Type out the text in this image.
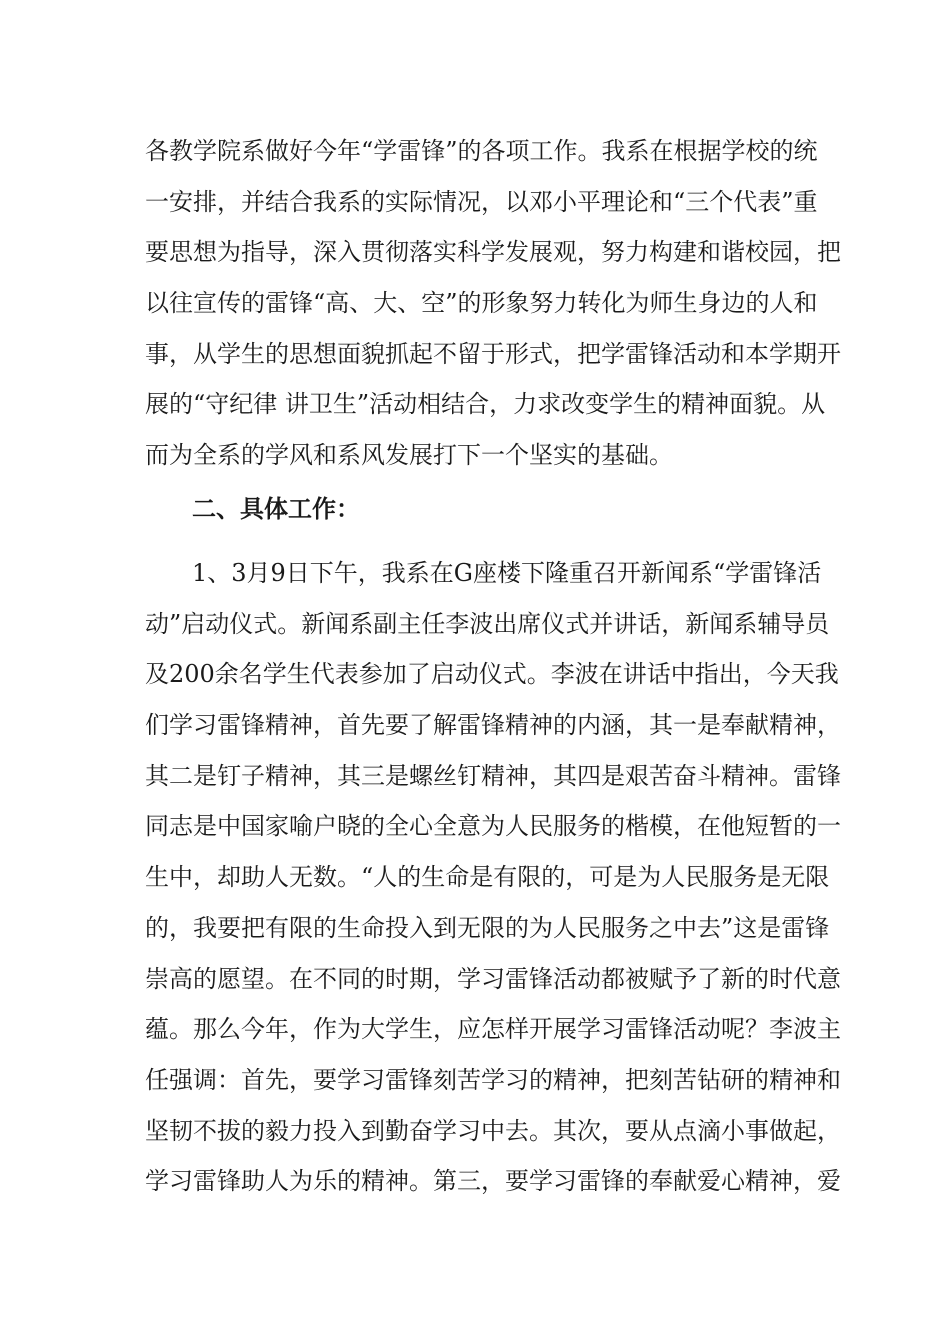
各教学院系做好今年“学雷锋”的各项工作。我系在根据学校的统
一安排，并结合我系的实际情况，以邓小平理论和“三个代表”重
要思想为指导，深入贯彻落实科学发展观，努力构建和谐校园，把
以往宣传的雷锋“高、大、空”的形象努力转化为师生身边的人和
事，从学生的思想面貌抓起不留于形式，把学雷锋活动和本学期开
展的“守纪律 讲卫生”活动相结合，力求改变学生的精神面貌。从
而为全系的学风和系风发展打下一个坚实的基础。
二、具体工作：
1、3月9日下午，我系在G座楼下隆重召开新闻系“学雷锋活
动”启动仪式。新闻系副主任李波出席仪式并讲话，新闻系辅导员
及200余名学生代表参加了启动仪式。李波在讲话中指出，今天我
们学习雷锋精神，首先要了解雷锋精神的内涵，其一是奉献精神，
其二是钉子精神，其三是螺丝钉精神，其四是艰苦奋斗精神。雷锋
同志是中国家喻户晓的全心全意为人民服务的楷模，在他短暂的一
生中，却助人无数。“人的生命是有限的，可是为人民服务是无限
的，我要把有限的生命投入到无限的为人民服务之中去”这是雷锋
崇高的愿望。在不同的时期，学习雷锋活动都被赋予了新的时代意
蕴。那么今年，作为大学生，应怎样开展学习雷锋活动呢？李波主
任强调：首先，要学习雷锋刻苦学习的精神，把刻苦钻研的精神和
坚韧不拔的毅力投入到勤奋学习中去。其次，要从点滴小事做起，
学习雷锋助人为乐的精神。第三，要学习雷锋的奉献爱心精神，爱
